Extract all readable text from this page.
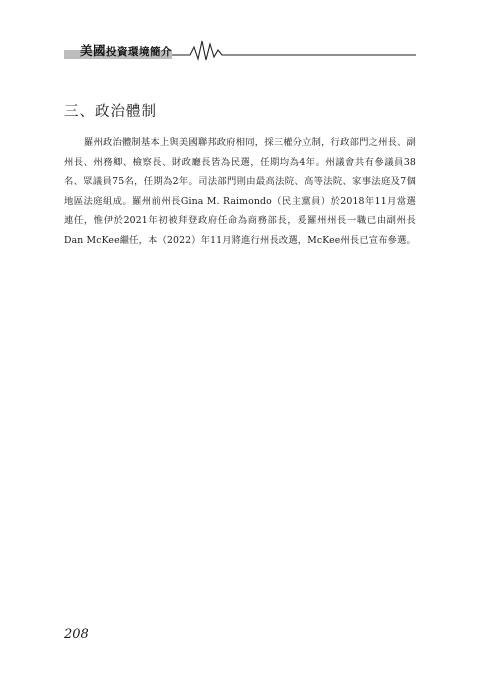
美國投資環境簡介
三、政治體制
羅州政治體制基本上與美國聯邦政府相同，採三權分立制，行政部門之州長、副州長、州務卿、檢察長、財政廳長皆為民選，任期均為4年。州議會共有參議員38名、眾議員75名，任期為2年。司法部門則由最高法院、高等法院、家事法庭及7個地區法庭組成。羅州前州長Gina M. Raimondo（民主黨員）於2018年11月當選連任，惟伊於2021年初被拜登政府任命為商務部長，爰羅州州長一職已由副州長Dan McKee繼任，本（2022）年11月將進行州長改選，McKee州長已宣布參選。
208
